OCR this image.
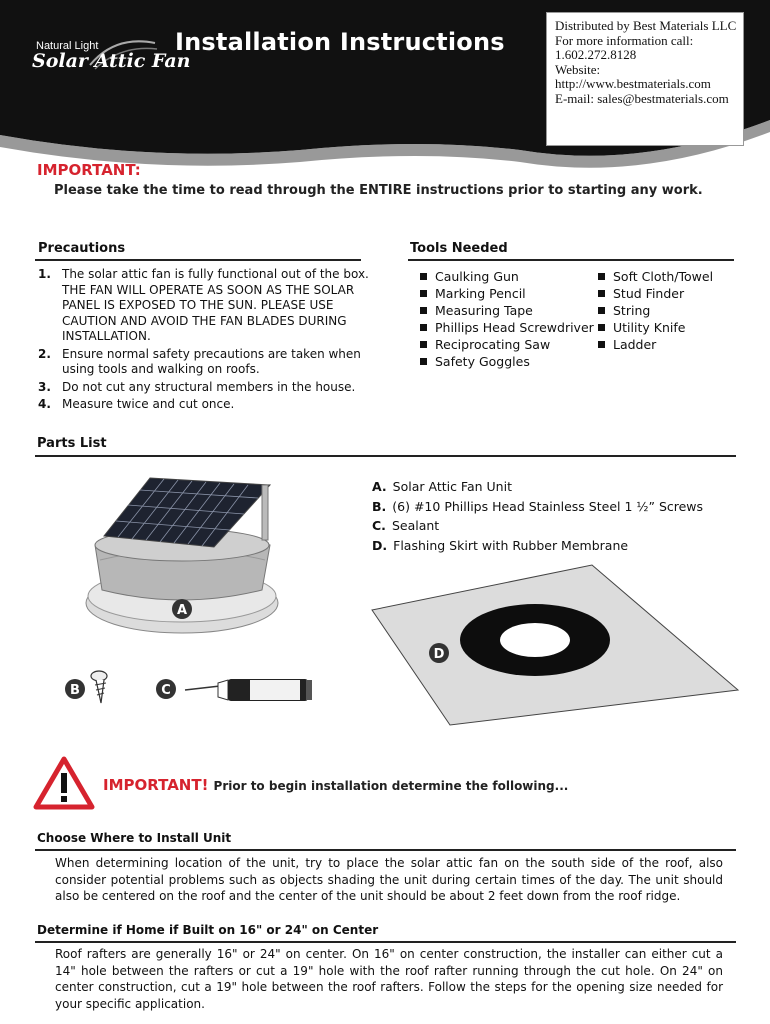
Natural Light
Solar Attic Fan
Installation Instructions
Distributed by Best Materials LLC
For more information call:
1.602.272.8128
Website:
http://www.bestmaterials.com
E-mail: sales@bestmaterials.com
IMPORTANT:
Please take the time to read through the ENTIRE instructions prior to starting any work.
Precautions
1. The solar attic fan is fully functional out of the box. THE FAN WILL OPERATE AS SOON AS THE SOLAR PANEL IS EXPOSED TO THE SUN. PLEASE USE CAUTION AND AVOID THE FAN BLADES DURING INSTALLATION.
2. Ensure normal safety precautions are taken when using tools and walking on roofs.
3. Do not cut any structural members in the house.
4. Measure twice and cut once.
Tools Needed
Caulking Gun
Marking Pencil
Measuring Tape
Phillips Head Screwdriver
Reciprocating Saw
Safety Goggles
Soft Cloth/Towel
Stud Finder
String
Utility Knife
Ladder
Parts List
A
B	C
D
A. Solar Attic Fan Unit
B. (6) #10 Phillips Head Stainless Steel 1 ½” Screws
C. Sealant
D. Flashing Skirt with Rubber Membrane
IMPORTANT! Prior to begin installation determine the following...
Choose Where to Install Unit
When determining location of the unit, try to place the solar attic fan on the south side of the roof, also consider potential problems such as objects shading the unit during certain times of the day. The unit should also be centered on the roof and the center of the unit should be about 2 feet down from the roof ridge.
Determine if Home if Built on 16" or 24" on Center
Roof rafters are generally 16" or 24" on center. On 16" on center construction, the installer can either cut a 14" hole between the rafters or cut a 19" hole with the roof rafter running through the cut hole. On 24" on center construction, cut a 19" hole between the roof rafters. Follow the steps for the opening size needed for your specific application.
